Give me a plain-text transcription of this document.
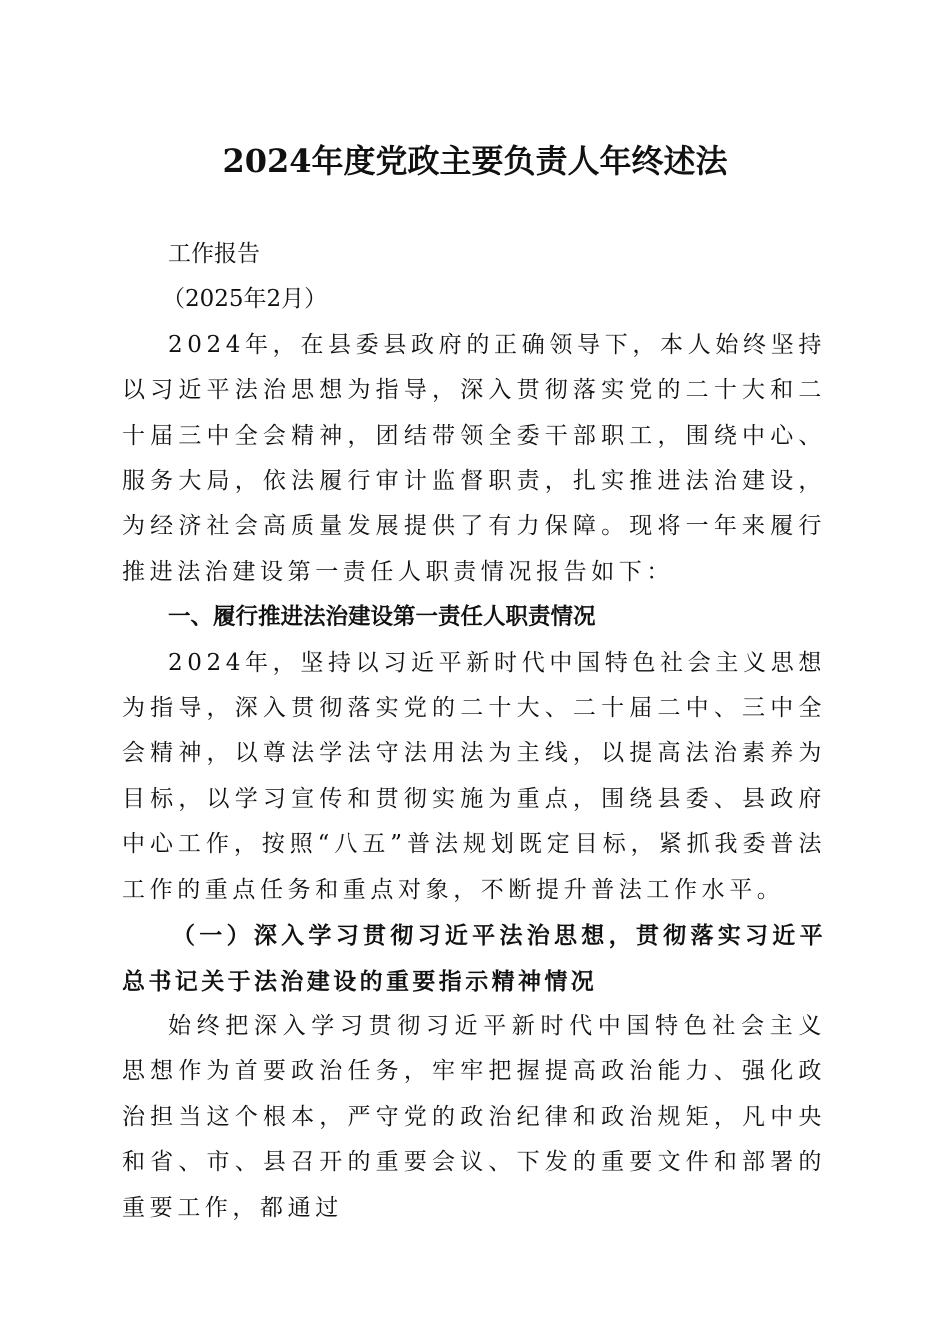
2024年度党政主要负责人年终述法

工作报告

（2025年2月）

2024年，在县委县政府的正确领导下，本人始终坚持以习近平法治思想为指导，深入贯彻落实党的二十大和二十届三中全会精神，团结带领全委干部职工，围绕中心、服务大局，依法履行审计监督职责，扎实推进法治建设，为经济社会高质量发展提供了有力保障。现将一年来履行推进法治建设第一责任人职责情况报告如下：

一、履行推进法治建设第一责任人职责情况

2024年，坚持以习近平新时代中国特色社会主义思想为指导，深入贯彻落实党的二十大、二十届二中、三中全会精神，以尊法学法守法用法为主线，以提高法治素养为目标，以学习宣传和贯彻实施为重点，围绕县委、县政府中心工作，按照“八五”普法规划既定目标，紧抓我委普法工作的重点任务和重点对象，不断提升普法工作水平。

（一）深入学习贯彻习近平法治思想，贯彻落实习近平总书记关于法治建设的重要指示精神情况

始终把深入学习贯彻习近平新时代中国特色社会主义思想作为首要政治任务，牢牢把握提高政治能力、强化政治担当这个根本，严守党的政治纪律和政治规矩，凡中央和省、市、县召开的重要会议、下发的重要文件和部署的重要工作，都通过
